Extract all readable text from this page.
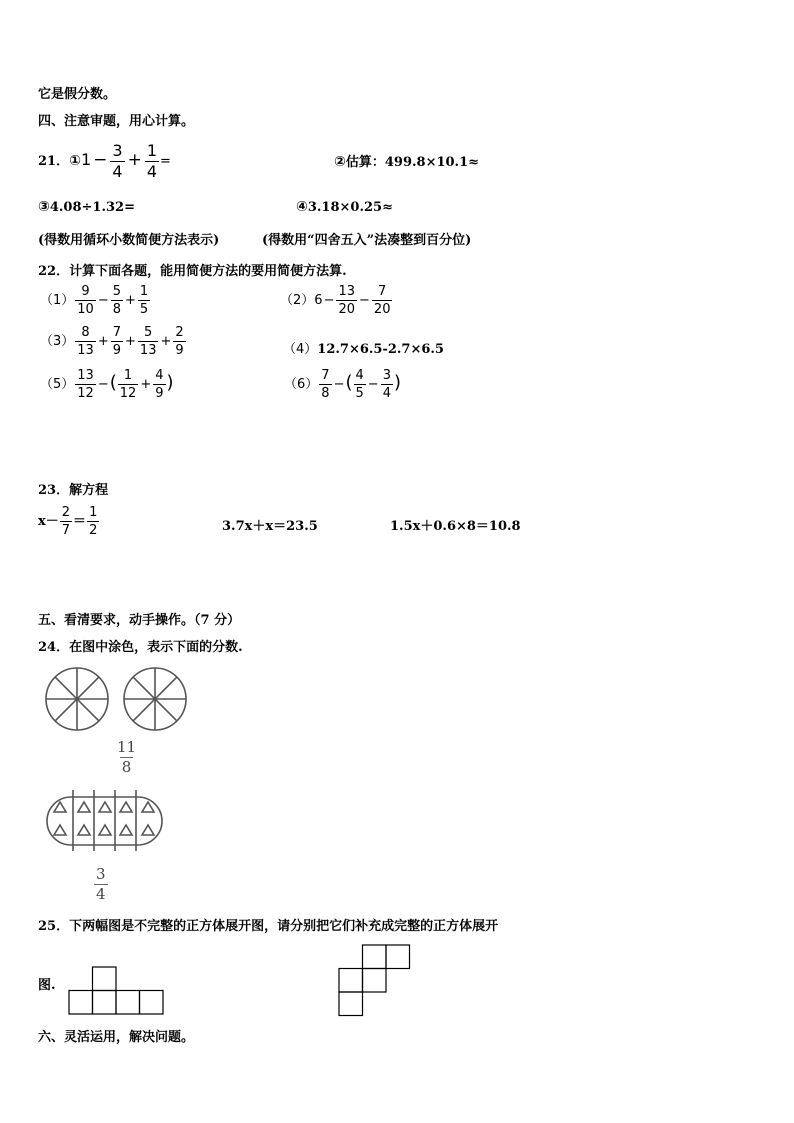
它是假分数。
四、注意审题，用心计算。
21．①1 − $\frac{3}{4} + \frac{1}{4}$ =	②估算：499.8×10.1≈
③4.08÷1.32=	④3.18×0.25≈
(得数用循环小数简便方法表示)	(得数用“四舍五入”法凑整到百分位)
22．计算下面各题，能用简便方法的要用简便方法算.
$(1) \frac{9}{10} - \frac{5}{8} + \frac{1}{5}$	$(2)6- \frac{13}{20} - \frac{7}{20}$
$(3) \frac{8}{13} + \frac{7}{9} + \frac{5}{13} + \frac{2}{9}$	（4）12.7×6.5-2.7×6.5
$(5) \frac{13}{12}$ −( $\frac{1}{12} + \frac{4}{9}$ )	$(6) \frac{7}{8}$ −( $\frac{4}{5} - \frac{3}{4}$ )
23．解方程
$x- \frac{2}{7} = \frac{1}{2}$	3.7x＋x＝23.5	1.5x＋0.6×8＝10.8
五、看清要求，动手操作。（7 分）
24．在图中涂色，表示下面的分数.
$\frac{11}{8}$
$\frac{3}{4}$
25．下两幅图是不完整的正方体展开图，请分别把它们补充成完整的正方体展开
图.
六、灵活运用，解决问题。
